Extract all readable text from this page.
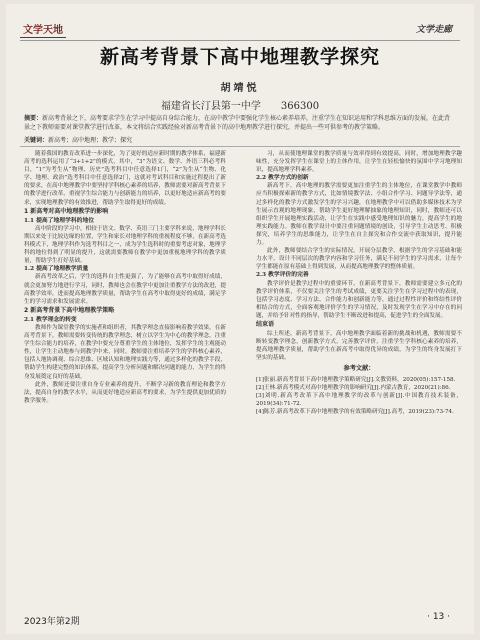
文学天地	文学走廊
新高考背景下高中地理教学探究
胡靖悦
福建省长汀县第一中学　　366300
摘要：新高考背景之下，高考要求学生在学习中提高自身综合能力，在高中教学中要强化学生核心素养培养，注重学生在知识运用和学科思维方面的发展，在此背景之下教师需要对课堂教学进行改革，本文将结合实践经验对新高考背景下的高中地理教学进行探究，并提出一些可供参考的教学策略。
关键词：新高考；高中地理；教学；探究

随着我国的教育改革进一步深化，为了更好的适应新时期的教学体系，福建新高考的选科运用了“3+1+2”的模式，其中，“3”为语文、数学、外语三科必考科目，“1”为考生从“物理、历史”选考科目中任意选择1门，“2”为生从“生物、化学、地理、政治”选考科目中任意选择2门，这就对考试科目和实施过程提出了新的要求，在高中地理教学中要坚持学科核心素养的培养，教师需要对新高考背景下的教学进行改革，重视学生综合能力与创新能力的培养，以更好地适应新高考的要求，实现地理教学的有效推进，帮助学生取得更好的成绩。

1 新高考对高中地理教学的影响
1.1 提高了地理学科的地位

高中阶段的学习中，相较于语文、数学、英语三门主要学科来说，地理学科长期以来处于比较边缘的位置，学生和家长对地理学科的重视程度不够，在新高考选科模式下，地理学科作为选考科目之一，成为学生选科时的重要考虑对象，地理学科的地位得到了明显的提升，这就需要教师在教学中更加重视地理学科的教学质量，帮助学生打好基础。

1.2 提高了地理教学质量

新高考改革之后，学生的选科自主性更强了，为了能够在高考中取得好成绩，就会更加努力地进行学习，同时，教师也会在教学中更加注重教学方法的改进，提高教学效率，进而提高地理教学质量，帮助学生在高考中取得更好的成绩，满足学生的学习需求和发展需求。

2 新高考背景下高中地理教学策略
2.1 教学理念的转变

教师作为课堂教学的实施者和组织者，其教学理念直接影响着教学效果，在新高考背景下，教师需要转变传统的教学理念，树立以学生为中心的教学理念，注重学生综合能力的培养，在教学中要充分尊重学生的主体地位，发挥学生的主观能动性，让学生主动地参与到教学中来，同时，教师要注重培养学生的学科核心素养，包括人地协调观、综合思维、区域认知和地理实践力等，通过多样化的教学手段，帮助学生构建完整的知识体系，提高学生分析问题和解决问题的能力，为学生的终身发展奠定良好的基础。

此外，教师还要注重自身专业素养的提升，不断学习新的教育理论和教学方法，提高自身的教学水平，从而更好地适应新高考的要求，为学生提供更加优质的教学服务。

习，从而使地理课堂的教学质量与效率得到有效提高，同时，增加地理教学趣味性，充分发挥学生在课堂上的主体作用，让学生在轻松愉快的氛围中学习地理知识，提高地理学科素养。

2.2 教学方式的创新

新高考下，高中地理的教学需要更加注重学生的主体地位，在课堂教学中教师应当积极探索新的教学方式，比如情境教学法、小组合作学习、问题导学法等，通过多样化的教学方式激发学生的学习兴趣，在地理教学中可以借助多媒体技术为学生展示直观的地理现象，帮助学生更好地理解抽象的地理知识，同时，教师还可以组织学生开展地理实践活动，让学生在实践中感受地理知识的魅力，提高学生的地理实践能力。教师在教学设计中要注重问题情境的创设，引导学生主动思考、积极探究，培养学生的思维能力，让学生在自主探究和合作交流中获取知识，提升能力。

此外，教师要结合学生的实际情况，开展分层教学，根据学生的学习基础和能力水平，设计不同层次的教学内容和学习任务，满足不同学生的学习需求，让每个学生都能在原有基础上得到发展，从而提高地理教学的整体质量。

2.3 教学评价的完善

教学评价是教学过程中的重要环节，在新高考背景下，教师需要建立多元化的教学评价体系，不仅要关注学生的考试成绩，更要关注学生在学习过程中的表现，包括学习态度、学习方法、合作能力和创新能力等，通过过程性评价和终结性评价相结合的方式，全面客观地评价学生的学习情况，及时发现学生在学习中存在的问题，并给予针对性的指导，帮助学生不断改进和提高，促进学生的全面发展。

结束语

综上所述，新高考背景下，高中地理教学面临着新的挑战和机遇，教师需要不断转变教学理念，创新教学方式，完善教学评价，注重学生学科核心素养的培养，提高地理教学质量，帮助学生在新高考中取得优异的成绩，为学生的终身发展打下坚实的基础。

参考文献：

[1]张丽.新高考背景下高中地理教学策略研究[J].文教资料，2020(05):157-158.

[2]王林.新高考模式对高中地理教学的影响研究[J].内蒙古教育，2020(21):86.

[3]刘明.新高考改革下高中地理教学的改革与创新[J].中国教育技术装备，2019(34):71-72.

[4]陈芳.新高考改革下高中地理教学的有效策略研究[J].高考，2019(23):73-74.

2023年第2期	· 13 ·
